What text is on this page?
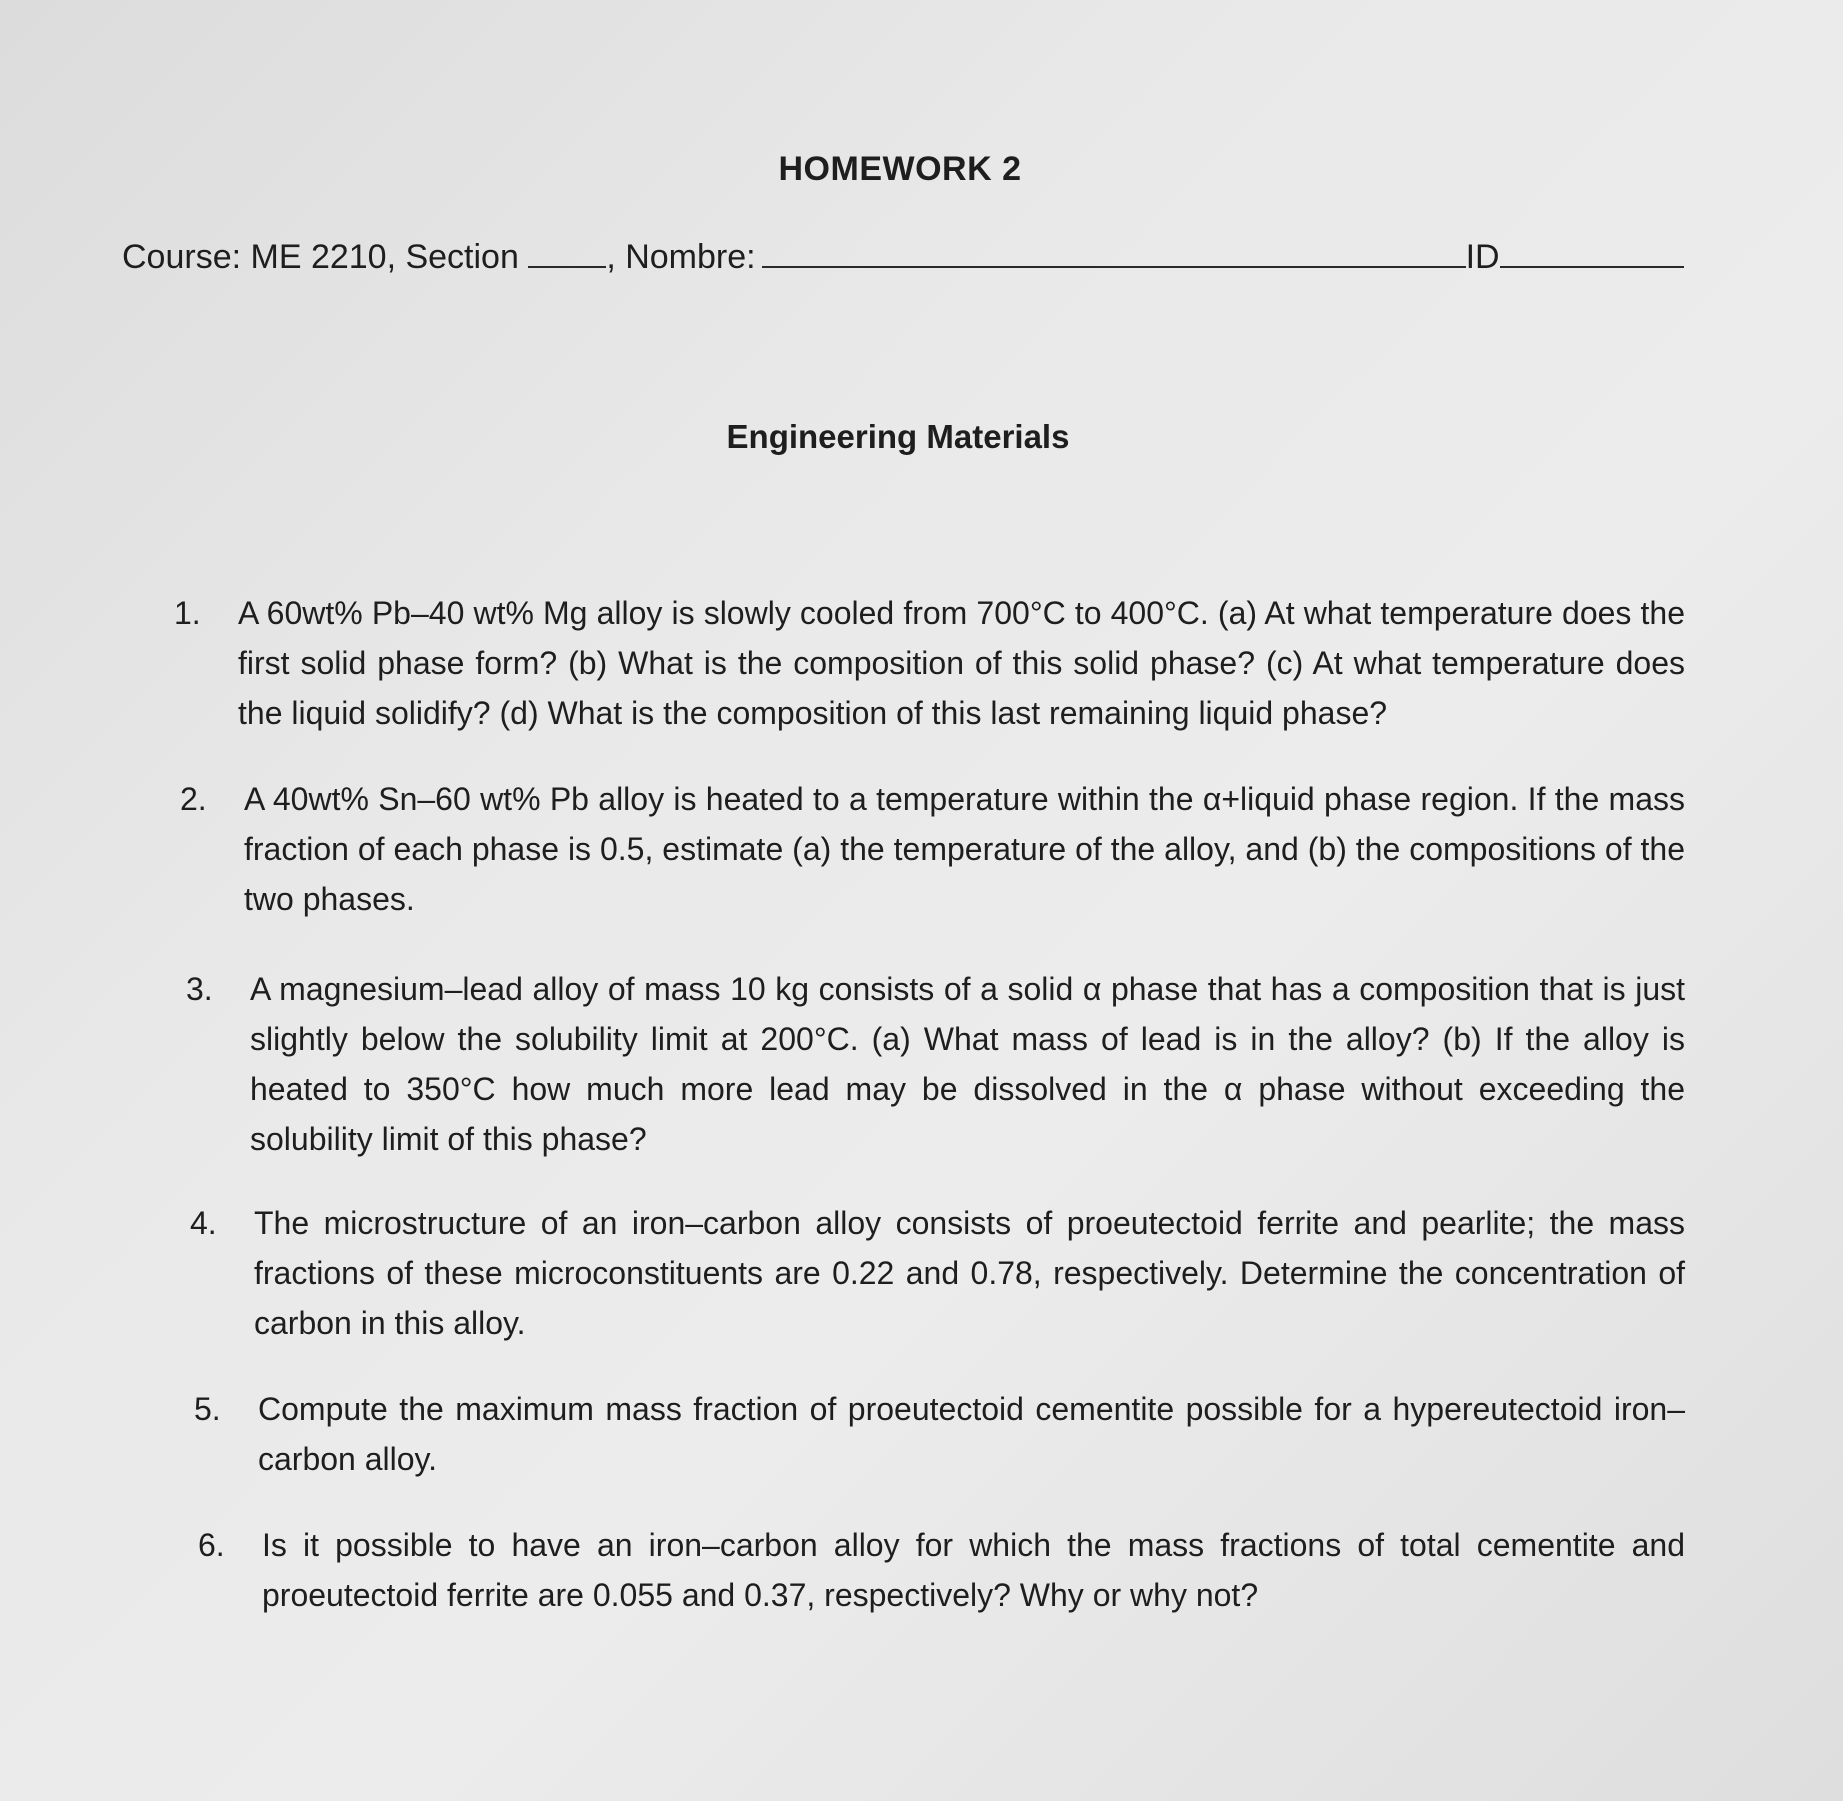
HOMEWORK 2
Course: ME 2210, Section , Nombre:	ID
Engineering Materials
1. A 60wt% Pb–40 wt% Mg alloy is slowly cooled from 700°C to 400°C. (a) At what temperature does the first solid phase form? (b) What is the composition of this solid phase? (c) At what temperature does the liquid solidify? (d) What is the composition of this last remaining liquid phase?
2. A 40wt% Sn–60 wt% Pb alloy is heated to a temperature within the α+liquid phase region. If the mass fraction of each phase is 0.5, estimate (a) the temperature of the alloy, and (b) the compositions of the two phases.
3. A magnesium–lead alloy of mass 10 kg consists of a solid α phase that has a composition that is just slightly below the solubility limit at 200°C. (a) What mass of lead is in the alloy? (b) If the alloy is heated to 350°C how much more lead may be dissolved in the α phase without exceeding the solubility limit of this phase?
4. The microstructure of an iron–carbon alloy consists of proeutectoid ferrite and pearlite; the mass fractions of these microconstituents are 0.22 and 0.78, respectively. Determine the concentration of carbon in this alloy.
5. Compute the maximum mass fraction of proeutectoid cementite possible for a hypereutectoid iron–carbon alloy.
6. Is it possible to have an iron–carbon alloy for which the mass fractions of total cementite and proeutectoid ferrite are 0.055 and 0.37, respectively? Why or why not?
